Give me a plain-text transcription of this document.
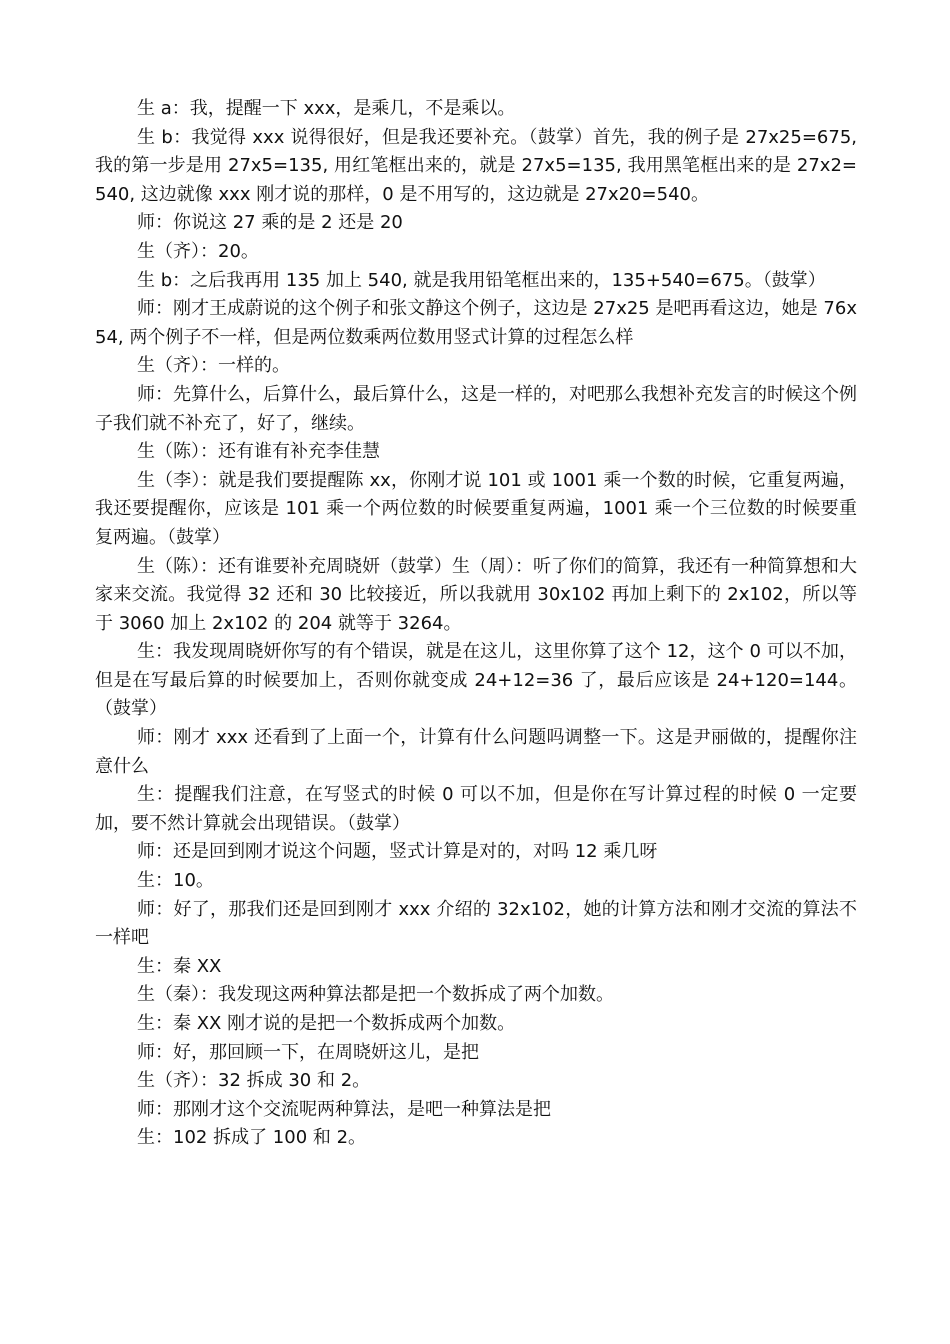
生 a：我，提醒一下 xxx，是乘几，不是乘以。

生 b：我觉得 xxx 说得很好，但是我还要补充。（鼓掌）首先，我的例子是 27x25=675, 我的第一步是用 27x5=135, 用红笔框出来的，就是 27x5=135, 我用黑笔框出来的是 27x2=540, 这边就像 xxx 刚才说的那样，0 是不用写的，这边就是 27x20=540。

师：你说这 27 乘的是 2 还是 20

生（齐）：20。

生 b：之后我再用 135 加上 540, 就是我用铅笔框出来的，135+540=675。（鼓掌）

师：刚才王成蔚说的这个例子和张文静这个例子，这边是 27x25 是吧再看这边，她是 76x54, 两个例子不一样，但是两位数乘两位数用竖式计算的过程怎么样

生（齐）：一样的。

师：先算什么，后算什么，最后算什么，这是一样的，对吧那么我想补充发言的时候这个例子我们就不补充了，好了，继续。

生（陈）：还有谁有补充李佳慧

生（李）：就是我们要提醒陈 xx，你刚才说 101 或 1001 乘一个数的时候，它重复两遍，我还要提醒你，应该是 101 乘一个两位数的时候要重复两遍，1001 乘一个三位数的时候要重复两遍。（鼓掌）

生（陈）：还有谁要补充周晓妍（鼓掌）生（周）：听了你们的简算，我还有一种简算想和大家来交流。我觉得 32 还和 30 比较接近，所以我就用 30x102 再加上剩下的 2x102，所以等于 3060 加上 2x102 的 204 就等于 3264。

生：我发现周晓妍你写的有个错误，就是在这儿，这里你算了这个 12，这个 0 可以不加，但是在写最后算的时候要加上，否则你就变成 24+12=36 了，最后应该是 24+120=144。（鼓掌）

师：刚才 xxx 还看到了上面一个，计算有什么问题吗调整一下。这是尹丽做的，提醒你注意什么

生：提醒我们注意，在写竖式的时候 0 可以不加，但是你在写计算过程的时候 0 一定要加，要不然计算就会出现错误。（鼓掌）

师：还是回到刚才说这个问题，竖式计算是对的，对吗 12 乘几呀

生：10。

师：好了，那我们还是回到刚才 xxx 介绍的 32x102，她的计算方法和刚才交流的算法不一样吧

生：秦 XX

生（秦）：我发现这两种算法都是把一个数拆成了两个加数。

生：秦 XX 刚才说的是把一个数拆成两个加数。

师：好，那回顾一下，在周晓妍这儿，是把

生（齐）：32 拆成 30 和 2。

师：那刚才这个交流呢两种算法，是吧一种算法是把

生：102 拆成了 100 和 2。
